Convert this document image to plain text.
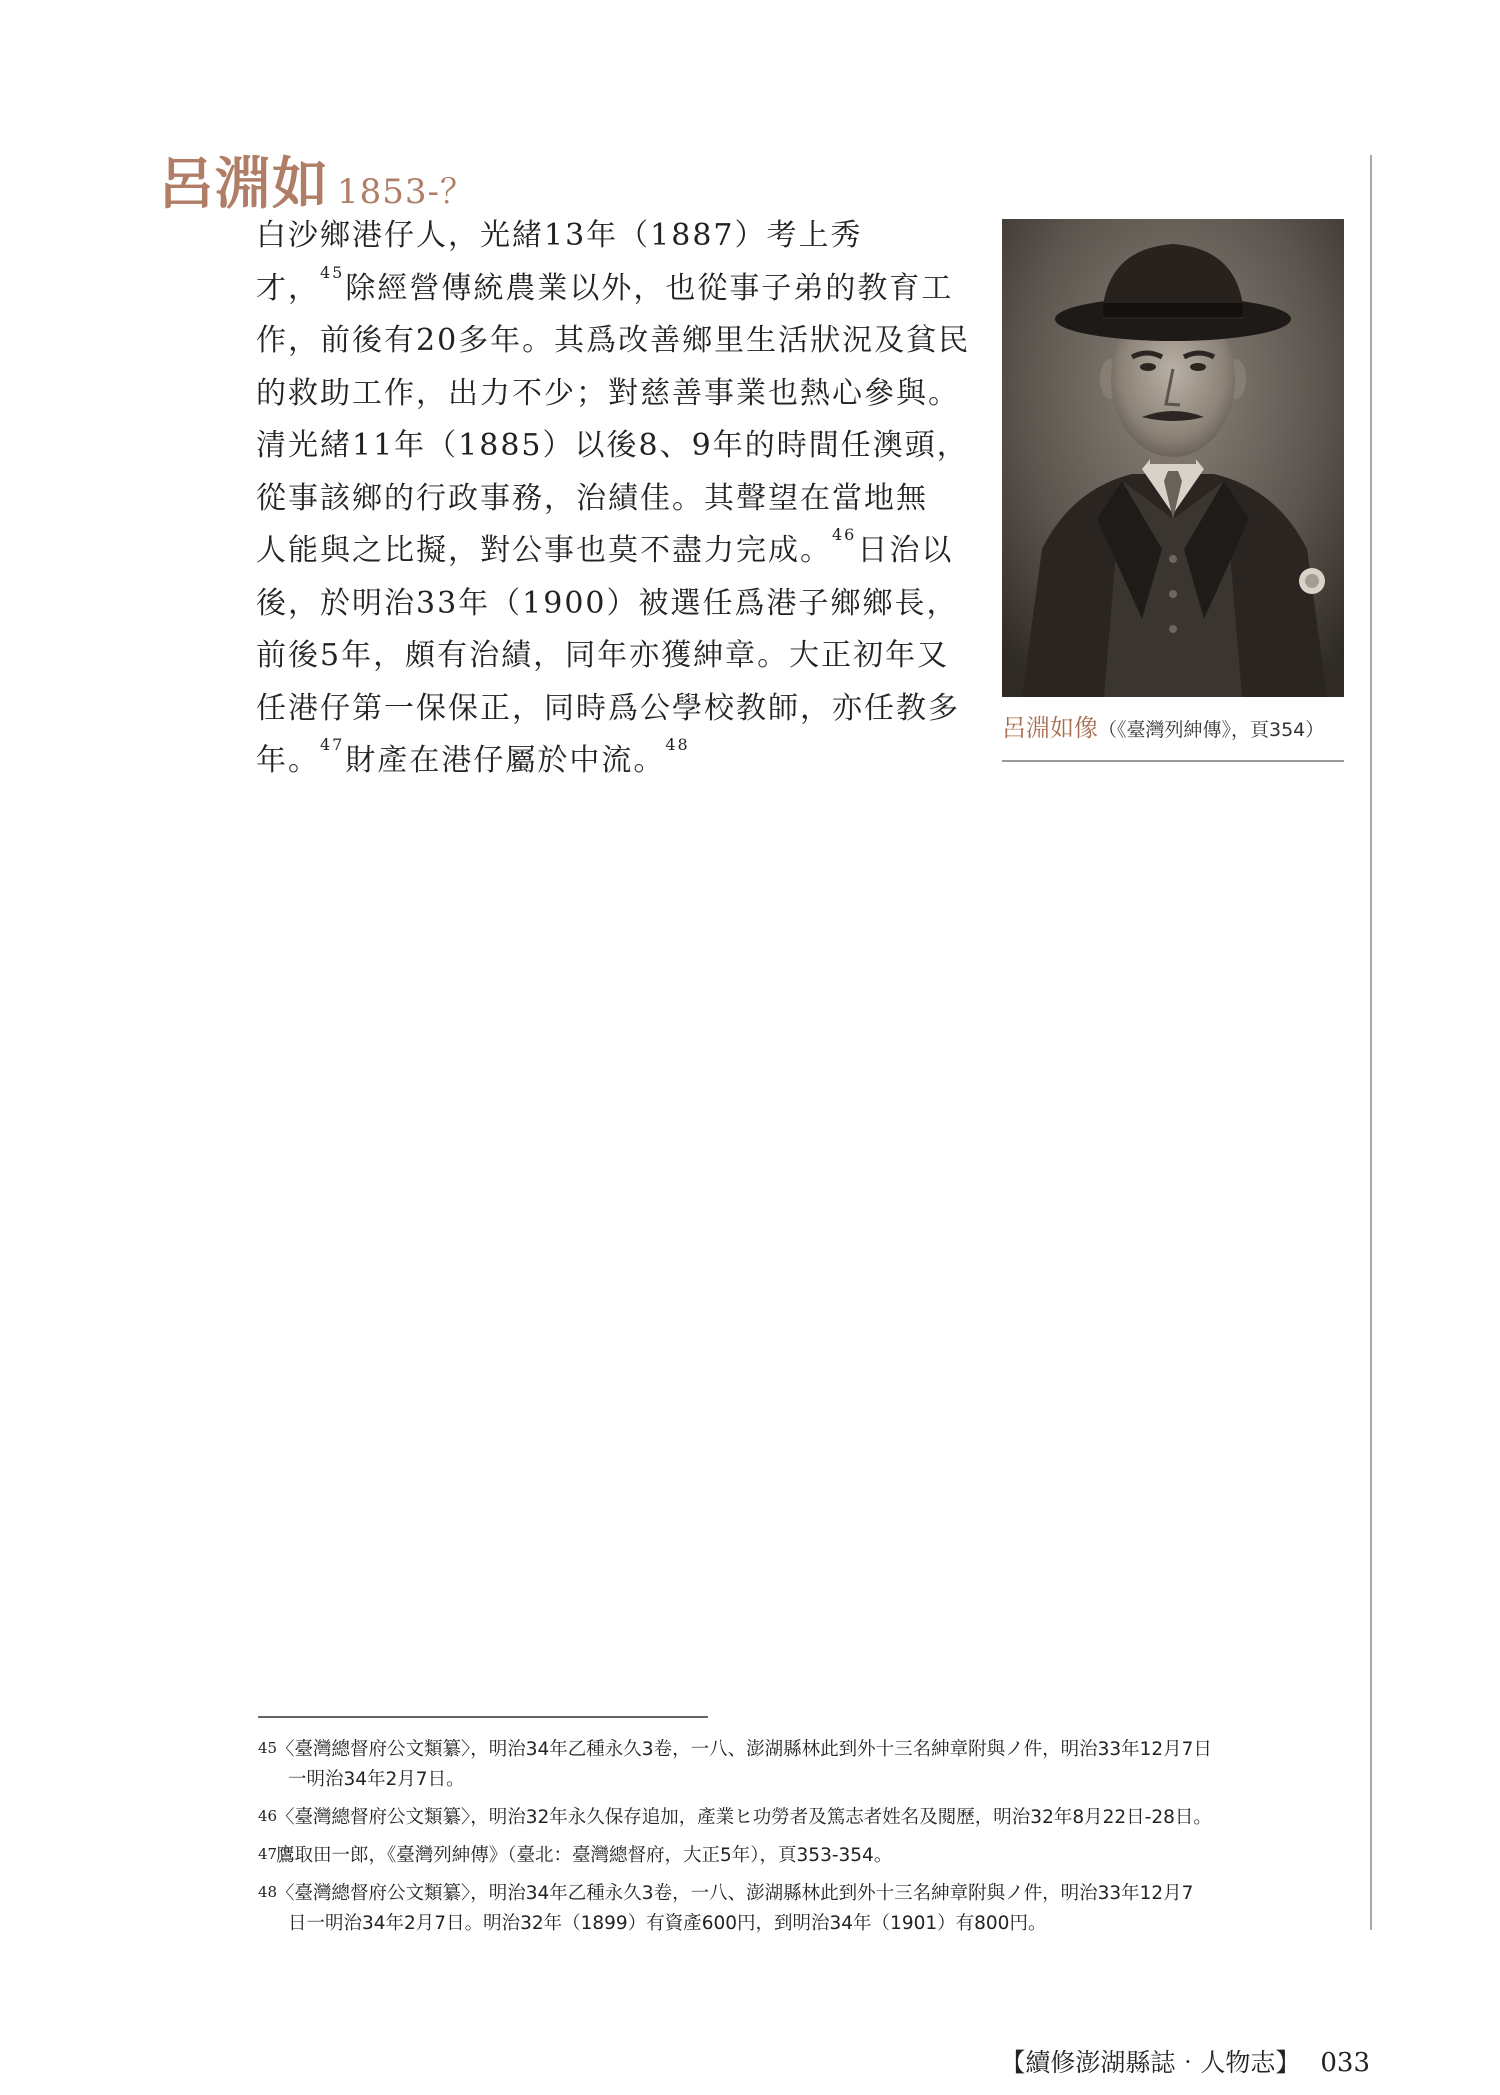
呂淵如 1853-？
白沙鄉港仔人，光緒13年（1887）考上秀
才，$^{45}$除經營傳統農業以外，也從事子弟的教育工
作，前後有20多年。其爲改善鄉里生活狀況及貧民
的救助工作，出力不少；對慈善事業也熱心參與。
清光緒11年（1885）以後8、9年的時間任澳頭，
從事該鄉的行政事務，治績佳。其聲望在當地無
人能與之比擬，對公事也莫不盡力完成。$^{46}$日治以
後，於明治33年（1900）被選任爲港子鄉鄉長，
前後5年，頗有治績，同年亦獲紳章。大正初年又
任港仔第一保保正，同時爲公學校教師，亦任教多
年。$^{47}$財產在港仔屬於中流。$^{48}$
呂淵如像（《臺灣列紳傳》，頁354）
45
〈臺灣總督府公文類纂〉，明治34年乙種永久3卷，一八、澎湖縣林此到外十三名紳章附與ノ件，明治33年12月7日
一明治34年2月7日。
46
〈臺灣總督府公文類纂〉，明治32年永久保存追加，產業ヒ功勞者及篤志者姓名及閱歷，明治32年8月22日-28日。
47
鷹取田一郎，《臺灣列紳傳》（臺北：臺灣總督府，大正5年），頁353-354。
48
〈臺灣總督府公文類纂〉，明治34年乙種永久3卷，一八、澎湖縣林此到外十三名紳章附與ノ件，明治33年12月7
日一明治34年2月7日。明治32年（1899）有資產600円，到明治34年（1901）有800円。
【續修澎湖縣誌‧人物志】 033
